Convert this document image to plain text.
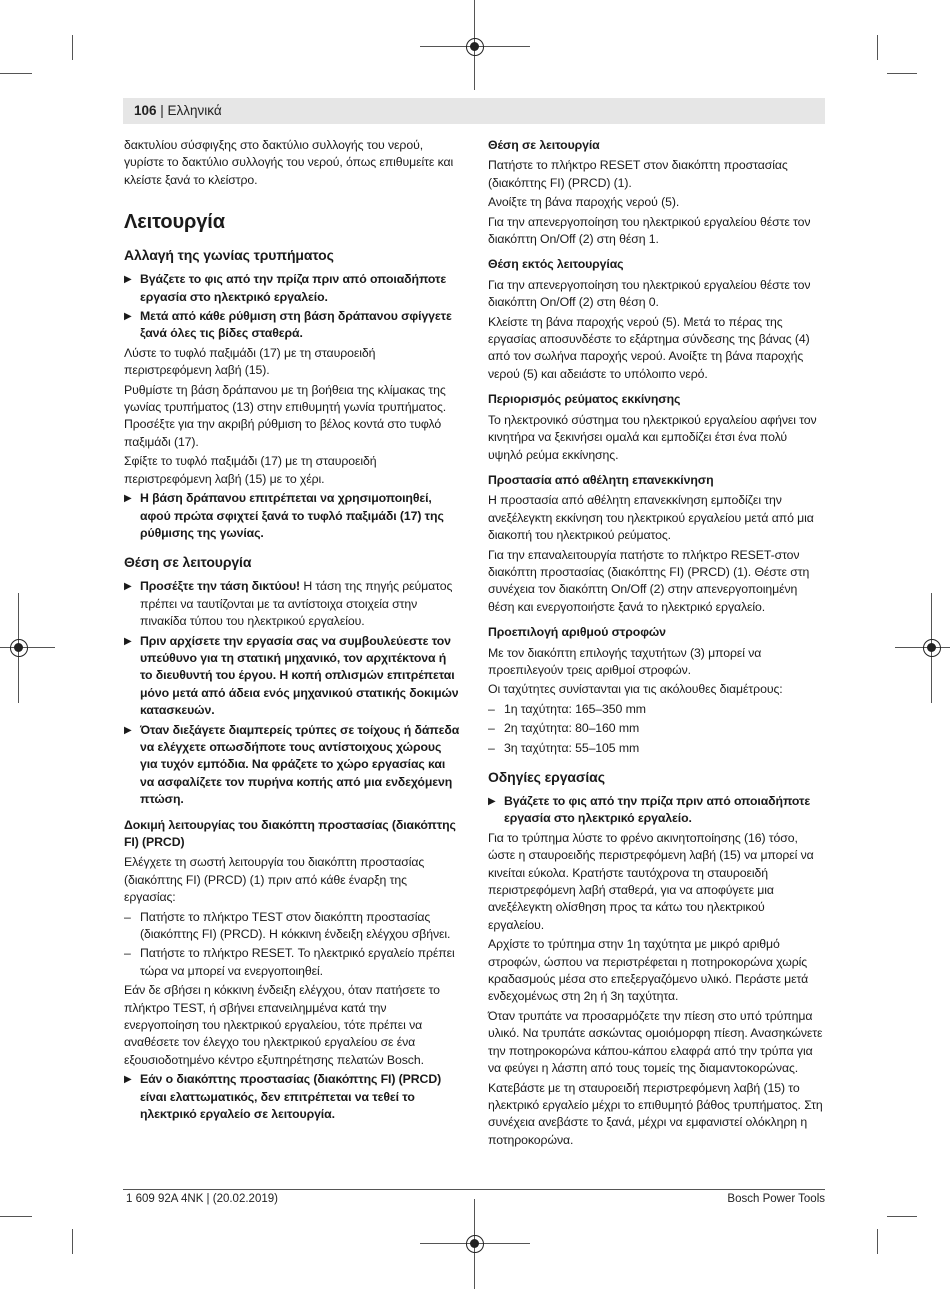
106 | Ελληνικά

δακτυλίου σύσφιγξης στο δακτύλιο συλλογής του νερού, γυρίστε το δακτύλιο συλλογής του νερού, όπως επιθυμείτε και κλείστε ξανά το κλείστρο.

Λειτουργία
Αλλαγή της γωνίας τρυπήματος

▶ Βγάζετε το φις από την πρίζα πριν από οποιαδήποτε εργασία στο ηλεκτρικό εργαλείο.

▶ Μετά από κάθε ρύθμιση στη βάση δράπανου σφίγγετε ξανά όλες τις βίδες σταθερά.

Λύστε το τυφλό παξιμάδι (17) με τη σταυροειδή περιστρεφόμενη λαβή (15).

Ρυθμίστε τη βάση δράπανου με τη βοήθεια της κλίμακας της γωνίας τρυπήματος (13) στην επιθυμητή γωνία τρυπήματος. Προσέξτε για την ακριβή ρύθμιση το βέλος κοντά στο τυφλό παξιμάδι (17).

Σφίξτε το τυφλό παξιμάδι (17) με τη σταυροειδή περιστρεφόμενη λαβή (15) με το χέρι.

▶ Η βάση δράπανου επιτρέπεται να χρησιμοποιηθεί, αφού πρώτα σφιχτεί ξανά το τυφλό παξιμάδι (17) της ρύθμισης της γωνίας.

Θέση σε λειτουργία

▶ Προσέξτε την τάση δικτύου! Η τάση της πηγής ρεύματος πρέπει να ταυτίζονται με τα αντίστοιχα στοιχεία στην πινακίδα τύπου του ηλεκτρικού εργαλείου.

▶ Πριν αρχίσετε την εργασία σας να συμβουλεύεστε τον υπεύθυνο για τη στατική μηχανικό, τον αρχιτέκτονα ή το διευθυντή του έργου. Η κοπή οπλισμών επιτρέπεται μόνο μετά από άδεια ενός μηχανικού στατικής δοκιμών κατασκευών.

▶ Όταν διεξάγετε διαμπερείς τρύπες σε τοίχους ή δάπεδα να ελέγχετε οπωσδήποτε τους αντίστοιχους χώρους για τυχόν εμπόδια. Να φράζετε το χώρο εργασίας και να ασφαλίζετε τον πυρήνα κοπής από μια ενδεχόμενη πτώση.

Δοκιμή λειτουργίας του διακόπτη προστασίας (διακόπτης FI) (PRCD)

Ελέγχετε τη σωστή λειτουργία του διακόπτη προστασίας (διακόπτης FI) (PRCD) (1) πριν από κάθε έναρξη της εργασίας:

– Πατήστε το πλήκτρο TEST στον διακόπτη προστασίας (διακόπτης FI) (PRCD). Η κόκκινη ένδειξη ελέγχου σβήνει.

– Πατήστε το πλήκτρο RESET. Το ηλεκτρικό εργαλείο πρέπει τώρα να μπορεί να ενεργοποιηθεί.

Εάν δε σβήσει η κόκκινη ένδειξη ελέγχου, όταν πατήσετε το πλήκτρο TEST, ή σβήνει επανειλημμένα κατά την ενεργοποίηση του ηλεκτρικού εργαλείου, τότε πρέπει να αναθέσετε τον έλεγχο του ηλεκτρικού εργαλείου σε ένα εξουσιοδοτημένο κέντρο εξυπηρέτησης πελατών Bosch.

▶ Εάν ο διακόπτης προστασίας (διακόπτης FI) (PRCD) είναι ελαττωματικός, δεν επιτρέπεται να τεθεί το ηλεκτρικό εργαλείο σε λειτουργία.

Θέση σε λειτουργία

Πατήστε το πλήκτρο RESET στον διακόπτη προστασίας (διακόπτης FI) (PRCD) (1).

Ανοίξτε τη βάνα παροχής νερού (5).

Για την απενεργοποίηση του ηλεκτρικού εργαλείου θέστε τον διακόπτη On/Off (2) στη θέση 1.

Θέση εκτός λειτουργίας

Για την απενεργοποίηση του ηλεκτρικού εργαλείου θέστε τον διακόπτη On/Off (2) στη θέση 0.

Κλείστε τη βάνα παροχής νερού (5). Μετά το πέρας της εργασίας αποσυνδέστε το εξάρτημα σύνδεσης της βάνας (4) από τον σωλήνα παροχής νερού. Ανοίξτε τη βάνα παροχής νερού (5) και αδειάστε το υπόλοιπο νερό.

Περιορισμός ρεύματος εκκίνησης

Το ηλεκτρονικό σύστημα του ηλεκτρικού εργαλείου αφήνει τον κινητήρα να ξεκινήσει ομαλά και εμποδίζει έτσι ένα πολύ υψηλό ρεύμα εκκίνησης.

Προστασία από αθέλητη επανεκκίνηση

Η προστασία από αθέλητη επανεκκίνηση εμποδίζει την ανεξέλεγκτη εκκίνηση του ηλεκτρικού εργαλείου μετά από μια διακοπή του ηλεκτρικού ρεύματος.

Για την επαναλειτουργία πατήστε το πλήκτρο RESET-στον διακόπτη προστασίας (διακόπτης FI) (PRCD) (1). Θέστε στη συνέχεια τον διακόπτη On/Off (2) στην απενεργοποιημένη θέση και ενεργοποιήστε ξανά το ηλεκτρικό εργαλείο.

Προεπιλογή αριθμού στροφών

Με τον διακόπτη επιλογής ταχυτήτων (3) μπορεί να προεπιλεγούν τρεις αριθμοί στροφών.

Οι ταχύτητες συνίστανται για τις ακόλουθες διαμέτρους:

– 1η ταχύτητα: 165–350 mm

– 2η ταχύτητα: 80–160 mm

– 3η ταχύτητα: 55–105 mm

Οδηγίες εργασίας

▶ Βγάζετε το φις από την πρίζα πριν από οποιαδήποτε εργασία στο ηλεκτρικό εργαλείο.

Για το τρύπημα λύστε το φρένο ακινητοποίησης (16) τόσο, ώστε η σταυροειδής περιστρεφόμενη λαβή (15) να μπορεί να κινείται εύκολα. Κρατήστε ταυτόχρονα τη σταυροειδή περιστρεφόμενη λαβή σταθερά, για να αποφύγετε μια ανεξέλεγκτη ολίσθηση προς τα κάτω του ηλεκτρικού εργαλείου.

Αρχίστε το τρύπημα στην 1η ταχύτητα με μικρό αριθμό στροφών, ώσπου να περιστρέφεται η ποτηροκορώνα χωρίς κραδασμούς μέσα στο επεξεργαζόμενο υλικό. Περάστε μετά ενδεχομένως στη 2η ή 3η ταχύτητα.

Όταν τρυπάτε να προσαρμόζετε την πίεση στο υπό τρύπημα υλικό. Να τρυπάτε ασκώντας ομοιόμορφη πίεση. Ανασηκώνετε την ποτηροκορώνα κάπου-κάπου ελαφρά από την τρύπα για να φεύγει η λάσπη από τους τομείς της διαμαντοκορώνας.

Κατεβάστε με τη σταυροειδή περιστρεφόμενη λαβή (15) το ηλεκτρικό εργαλείο μέχρι το επιθυμητό βάθος τρυπήματος. Στη συνέχεια ανεβάστε το ξανά, μέχρι να εμφανιστεί ολόκληρη η ποτηροκορώνα.

1 609 92A 4NK | (20.02.2019)	Bosch Power Tools
